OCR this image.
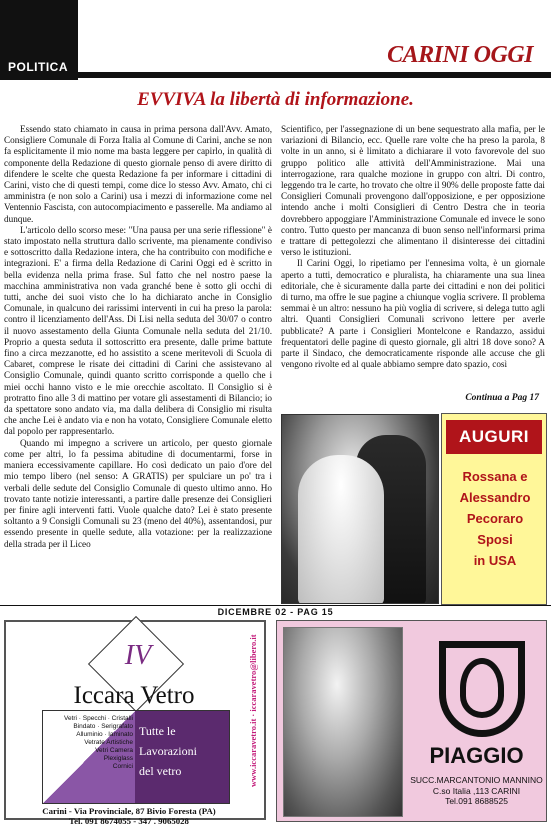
POLITICA	CARINI OGGI
EVVIVA la libertà di informazione.

Essendo stato chiamato in causa in prima persona dall'Avv. Amato, Consigliere Comunale di Forza Italia al Comune di Carini, anche se non fa esplicitamente il mio nome ma basta leggere per capirlo, in qualità di componente della Redazione di questo giornale penso di avere diritto di difendere le scelte che questa Redazione fa per informare i cittadini di Carini, visto che di questi tempi, come dice lo stesso Avv. Amato, chi ci amministra (e non solo a Carini) usa i mezzi di informazione come nel Ventennio Fascista, con autocompiacimento e passerelle. Ma andiamo al dunque.

L'articolo dello scorso mese: "Una pausa per una serie riflessione" è stato impostato nella struttura dallo scrivente, ma pienamente condiviso e sottoscritto dalla Redazione intera, che ha contribuito con modifiche e integrazioni. E' a firma della Redazione di Carini Oggi ed è scritto in bella evidenza nella prima frase. Sul fatto che nel nostro paese la macchina amministrativa non vada granché bene è sotto gli occhi di tutti, anche dei suoi visto che lo ha dichiarato anche in Consiglio Comunale, in qualcuno dei rarissimi interventi in cui ha preso la parola: contro il licenziamento dell'Ass. Di Lisi nella seduta del 30/07 o contro il nuovo assestamento della Giunta Comunale nella seduta del 21/10. Proprio a questa seduta il sottoscritto era presente, dalle prime battute fino a circa mezzanotte, ed ho assistito a scene meritevoli di Scuola di Cabaret, comprese le risate dei cittadini di Carini che assistevano al Consiglio Comunale, quindi quanto scritto corrisponde a quello che i miei occhi hanno visto e le mie orecchie ascoltato. Il Consiglio si è protratto fino alle 3 di mattino per votare gli assestamenti di Bilancio; io da spettatore sono andato via, ma dalla delibera di Consiglio mi risulta che anche Lei è andato via e non ha votato, Consigliere Comunale eletto dal popolo per rappresentarlo.

Quando mi impegno a scrivere un articolo, per questo giornale come per altri, lo fa pessima abitudine di documentarmi, forse in maniera eccessivamente capillare. Ho così dedicato un paio d'ore del mio tempo libero (nel senso: A GRATIS) per spulciare un po' tra i verbali delle sedute del Consiglio Comunale di questo ultimo anno. Ho trovato tante notizie interessanti, a partire dalle presenze dei Consiglieri per finire agli interventi fatti. Vuole qualche dato? Lei è stato presente soltanto a 9 Consigli Comunali su 23 (meno del 40%), assentandosi, pur essendo presente in quelle sedute, alla votazione: per la realizzazione della strada per il Liceo

Scientifico, per l'assegnazione di un bene sequestrato alla mafia, per le variazioni di Bilancio, ecc. Quelle rare volte che ha preso la parola, 8 volte in un anno, si è limitato a dichiarare il voto favorevole del suo gruppo politico alle attività dell'Amministrazione. Mai una interrogazione, rara qualche mozione in gruppo con altri. Di contro, leggendo tra le carte, ho trovato che oltre il 90% delle proposte fatte dai Consiglieri Comunali provengono dall'opposizione, e per opposizione intendo anche i molti Consiglieri di Centro Destra che in teoria dovrebbero appoggiare l'Amministrazione Comunale ed invece le sono contro. Tutto questo per mancanza di buon senso nell'informarsi prima e trattare di pettegolezzi che alimentano il disinteresse dei cittadini verso le istituzioni.

Il Carini Oggi, lo ripetiamo per l'ennesima volta, è un giornale aperto a tutti, democratico e pluralista, ha chiaramente una sua linea editoriale, che è sicuramente dalla parte dei cittadini e non dei politici di turno, ma offre le sue pagine a chiunque voglia scrivere. Il problema semmai è un altro: nessuno ha più voglia di scrivere, si delega tutto agli altri. Quanti Consiglieri Comunali scrivono lettere per averle pubblicate? A parte i Consiglieri Montelcone e Randazzo, assidui frequentatori delle pagine di questo giornale, gli altri 18 dove sono? A parte il Sindaco, che democraticamente risponde alle accuse che gli vengono rivolte ed al quale abbiamo sempre dato spazio, così

Continua a Pag 17
AUGURI
Rossana e
Alessandro
Pecoraro
Sposi
in USA
DICEMBRE 02 - PAG 15
www.iccaravetro.it · iccaravetro@libero.it
IV
Iccara Vetro
Vetri · Specchi · Cristalli
Bindato · Serigrafato
Alluminio · laminato
Vetrate Artistiche
Vetri Camera
Plexiglass
Cornici
Tutte le
Lavorazioni
del vetro
Carini - Via Provinciale, 87 Bivio Foresta (PA)
Tel. 091 8674055 - 347 . 9065028
PIAGGIO
SUCC.MARCANTONIO MANNINO
C.so Italia ,113 CARINI
Tel.091 8688525
